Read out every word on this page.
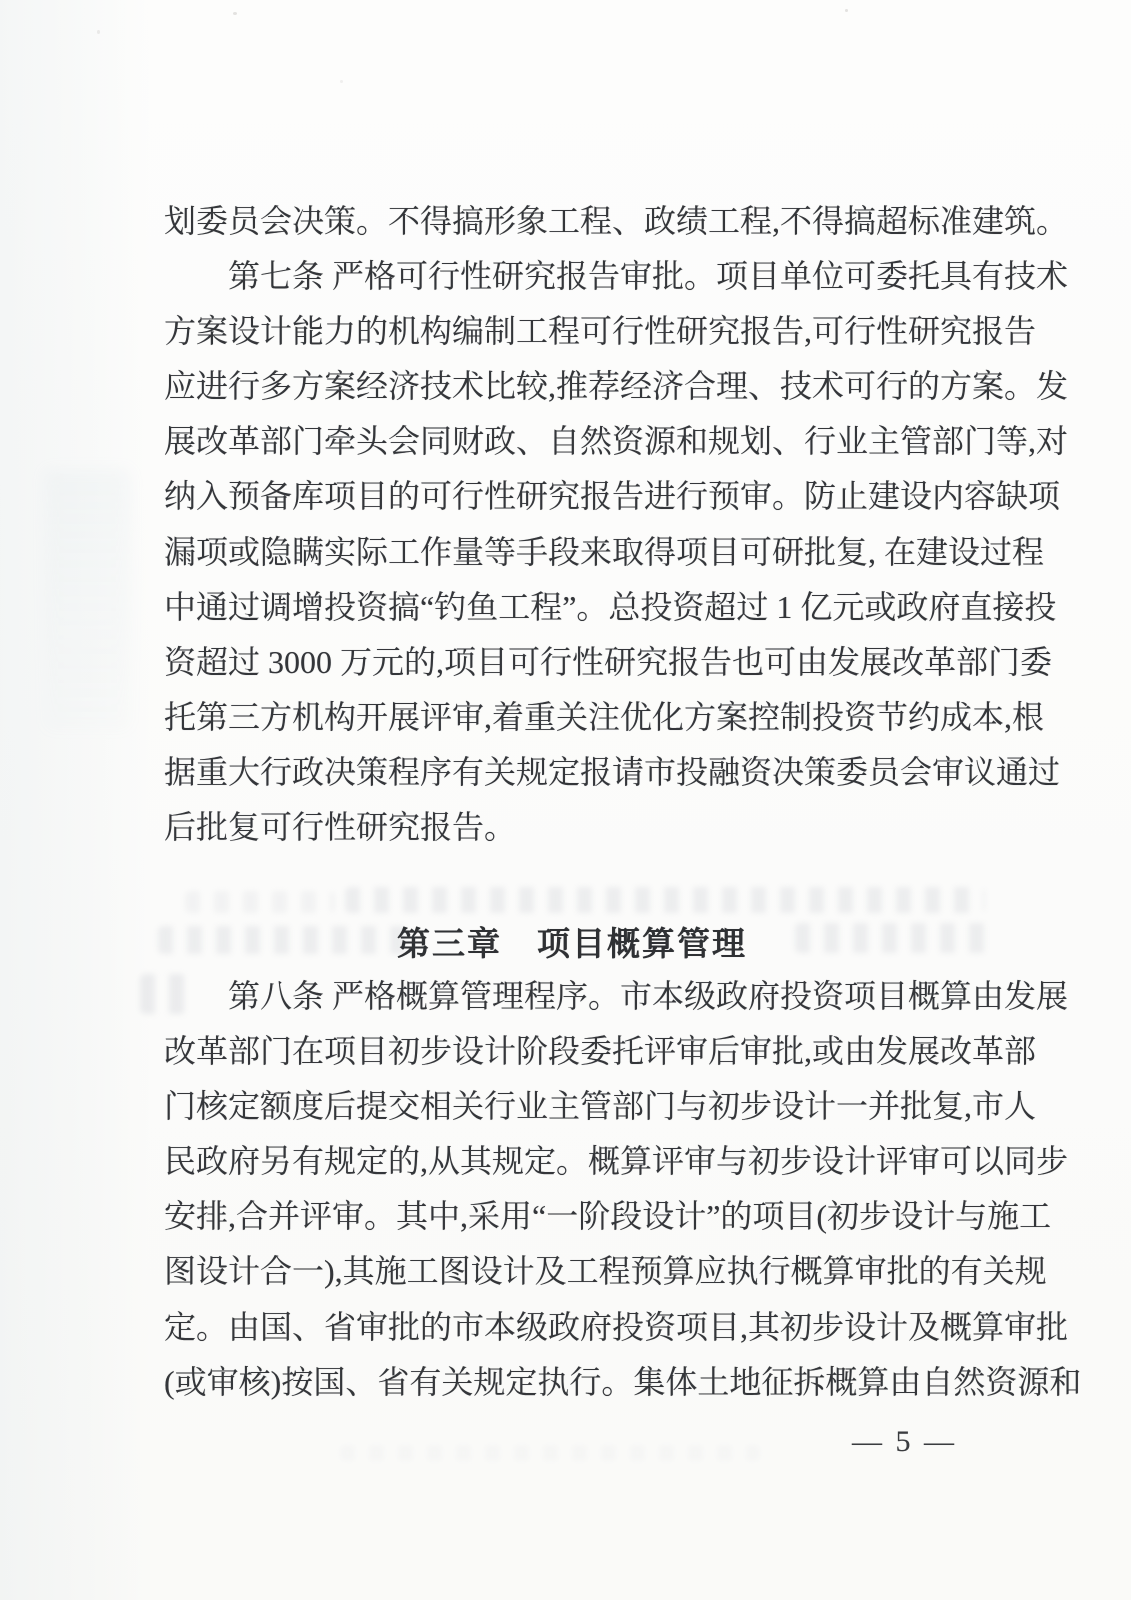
划委员会决策。不得搞形象工程、政绩工程,不得搞超标准建筑。
第七条 严格可行性研究报告审批。项目单位可委托具有技术
方案设计能力的机构编制工程可行性研究报告,可行性研究报告
应进行多方案经济技术比较,推荐经济合理、技术可行的方案。发
展改革部门牵头会同财政、自然资源和规划、行业主管部门等,对
纳入预备库项目的可行性研究报告进行预审。防止建设内容缺项
漏项或隐瞒实际工作量等手段来取得项目可研批复, 在建设过程
中通过调增投资搞“钓鱼工程”。总投资超过 1 亿元或政府直接投
资超过 3000 万元的,项目可行性研究报告也可由发展改革部门委
托第三方机构开展评审,着重关注优化方案控制投资节约成本,根
据重大行政决策程序有关规定报请市投融资决策委员会审议通过
后批复可行性研究报告。
第三章　项目概算管理
第八条 严格概算管理程序。市本级政府投资项目概算由发展
改革部门在项目初步设计阶段委托评审后审批,或由发展改革部
门核定额度后提交相关行业主管部门与初步设计一并批复,市人
民政府另有规定的,从其规定。概算评审与初步设计评审可以同步
安排,合并评审。其中,采用“一阶段设计”的项目(初步设计与施工
图设计合一),其施工图设计及工程预算应执行概算审批的有关规
定。由国、省审批的市本级政府投资项目,其初步设计及概算审批
(或审核)按国、省有关规定执行。集体土地征拆概算由自然资源和
— 5 —
